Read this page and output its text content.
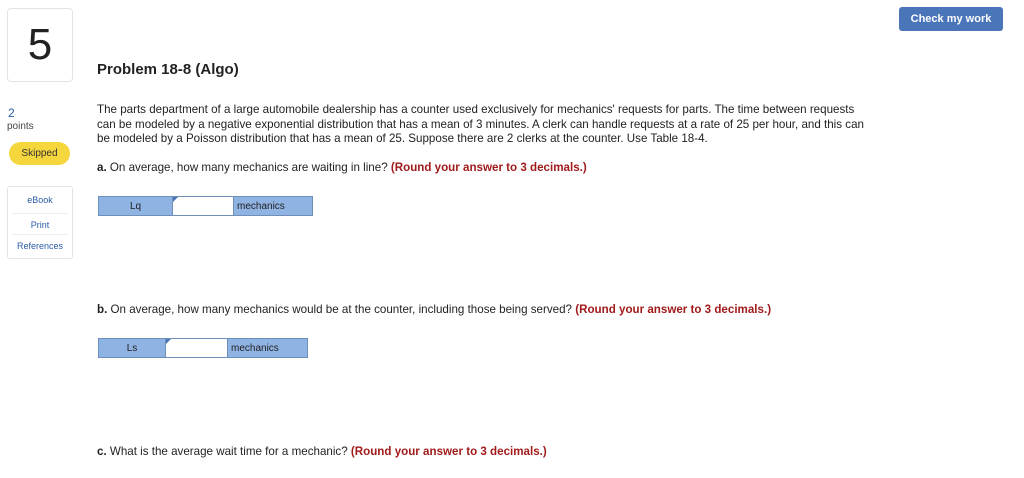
5
2
points
Skipped
eBook
Print
References
Check my work
Problem 18-8 (Algo)
The parts department of a large automobile dealership has a counter used exclusively for mechanics' requests for parts. The time between requests can be modeled by a negative exponential distribution that has a mean of 3 minutes. A clerk can handle requests at a rate of 25 per hour, and this can be modeled by a Poisson distribution that has a mean of 25. Suppose there are 2 clerks at the counter. Use Table 18-4.
a. On average, how many mechanics are waiting in line? (Round your answer to 3 decimals.)
Lq	mechanics
b. On average, how many mechanics would be at the counter, including those being served? (Round your answer to 3 decimals.)
Ls	mechanics
c. What is the average wait time for a mechanic? (Round your answer to 3 decimals.)
